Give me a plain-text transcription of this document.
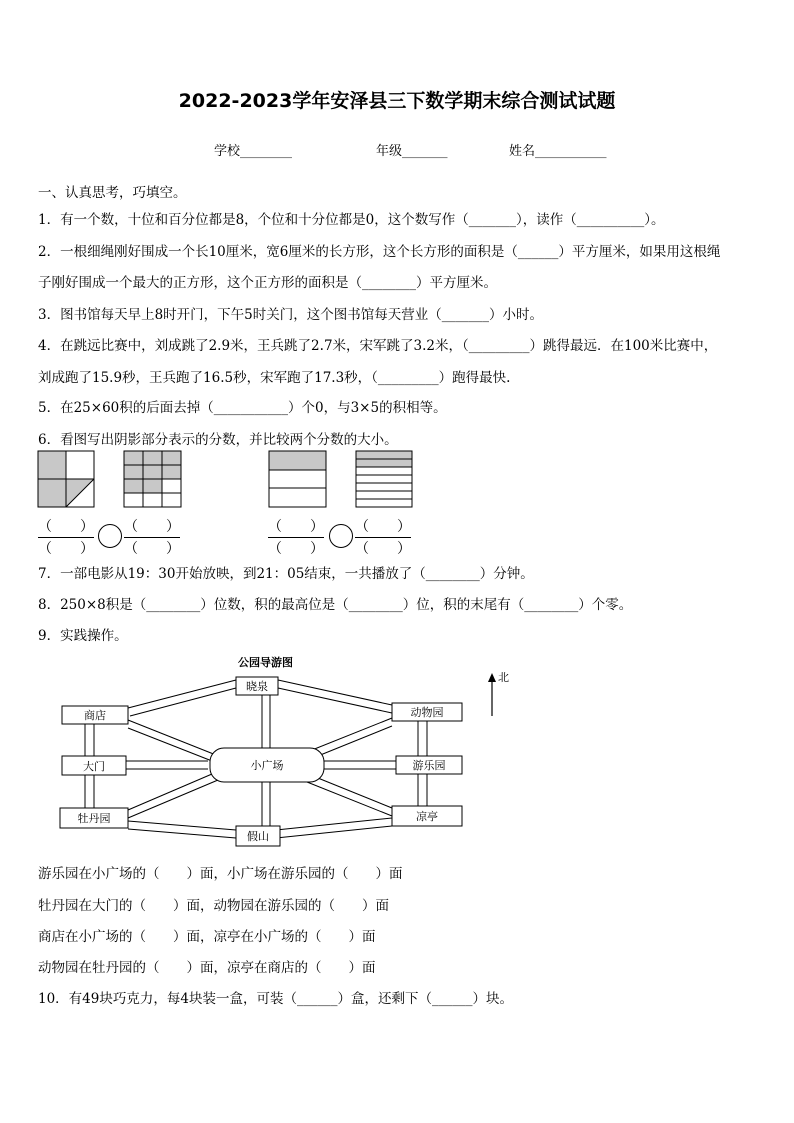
2022-2023学年安泽县三下数学期末综合测试试题
学校________	年级_______	姓名___________
一、认真思考，巧填空。
1．有一个数，十位和百分位都是8，个位和十分位都是0，这个数写作（_______），读作（__________）。
2．一根细绳刚好围成一个长10厘米，宽6厘米的长方形，这个长方形的面积是（______）平方厘米，如果用这根绳
子刚好围成一个最大的正方形，这个正方形的面积是（________）平方厘米。
3．图书馆每天早上8时开门，下午5时关门，这个图书馆每天营业（_______）小时。
4．在跳远比赛中，刘成跳了2.9米，王兵跳了2.7米，宋军跳了3.2米，（_________）跳得最远．在100米比赛中，
刘成跑了15.9秒，王兵跑了16.5秒，宋军跑了17.3秒，（_________）跑得最快.
5．在25×60积的后面去掉（___________）个0，与3×5的积相等。
6．看图写出阴影部分表示的分数，并比较两个分数的大小。
（　　）
（　　）
（　　）
（　　）
（　　）
（　　）
（　　）
（　　）
7．一部电影从19：30开始放映，到21：05结束，一共播放了（________）分钟。
8．250×8积是（________）位数，积的最高位是（________）位，积的末尾有（________）个零。
9．实践操作。
公园导游图
北
晓泉
商店	动物园
大门	小广场	游乐园
牡丹园	凉亭
假山
游乐园在小广场的（　　）面，小广场在游乐园的（　　）面
牡丹园在大门的（　　）面，动物园在游乐园的（　　）面
商店在小广场的（　　）面，凉亭在小广场的（　　）面
动物园在牡丹园的（　　）面，凉亭在商店的（　　）面
10．有49块巧克力，每4块装一盒，可装（______）盒，还剩下（______）块。
